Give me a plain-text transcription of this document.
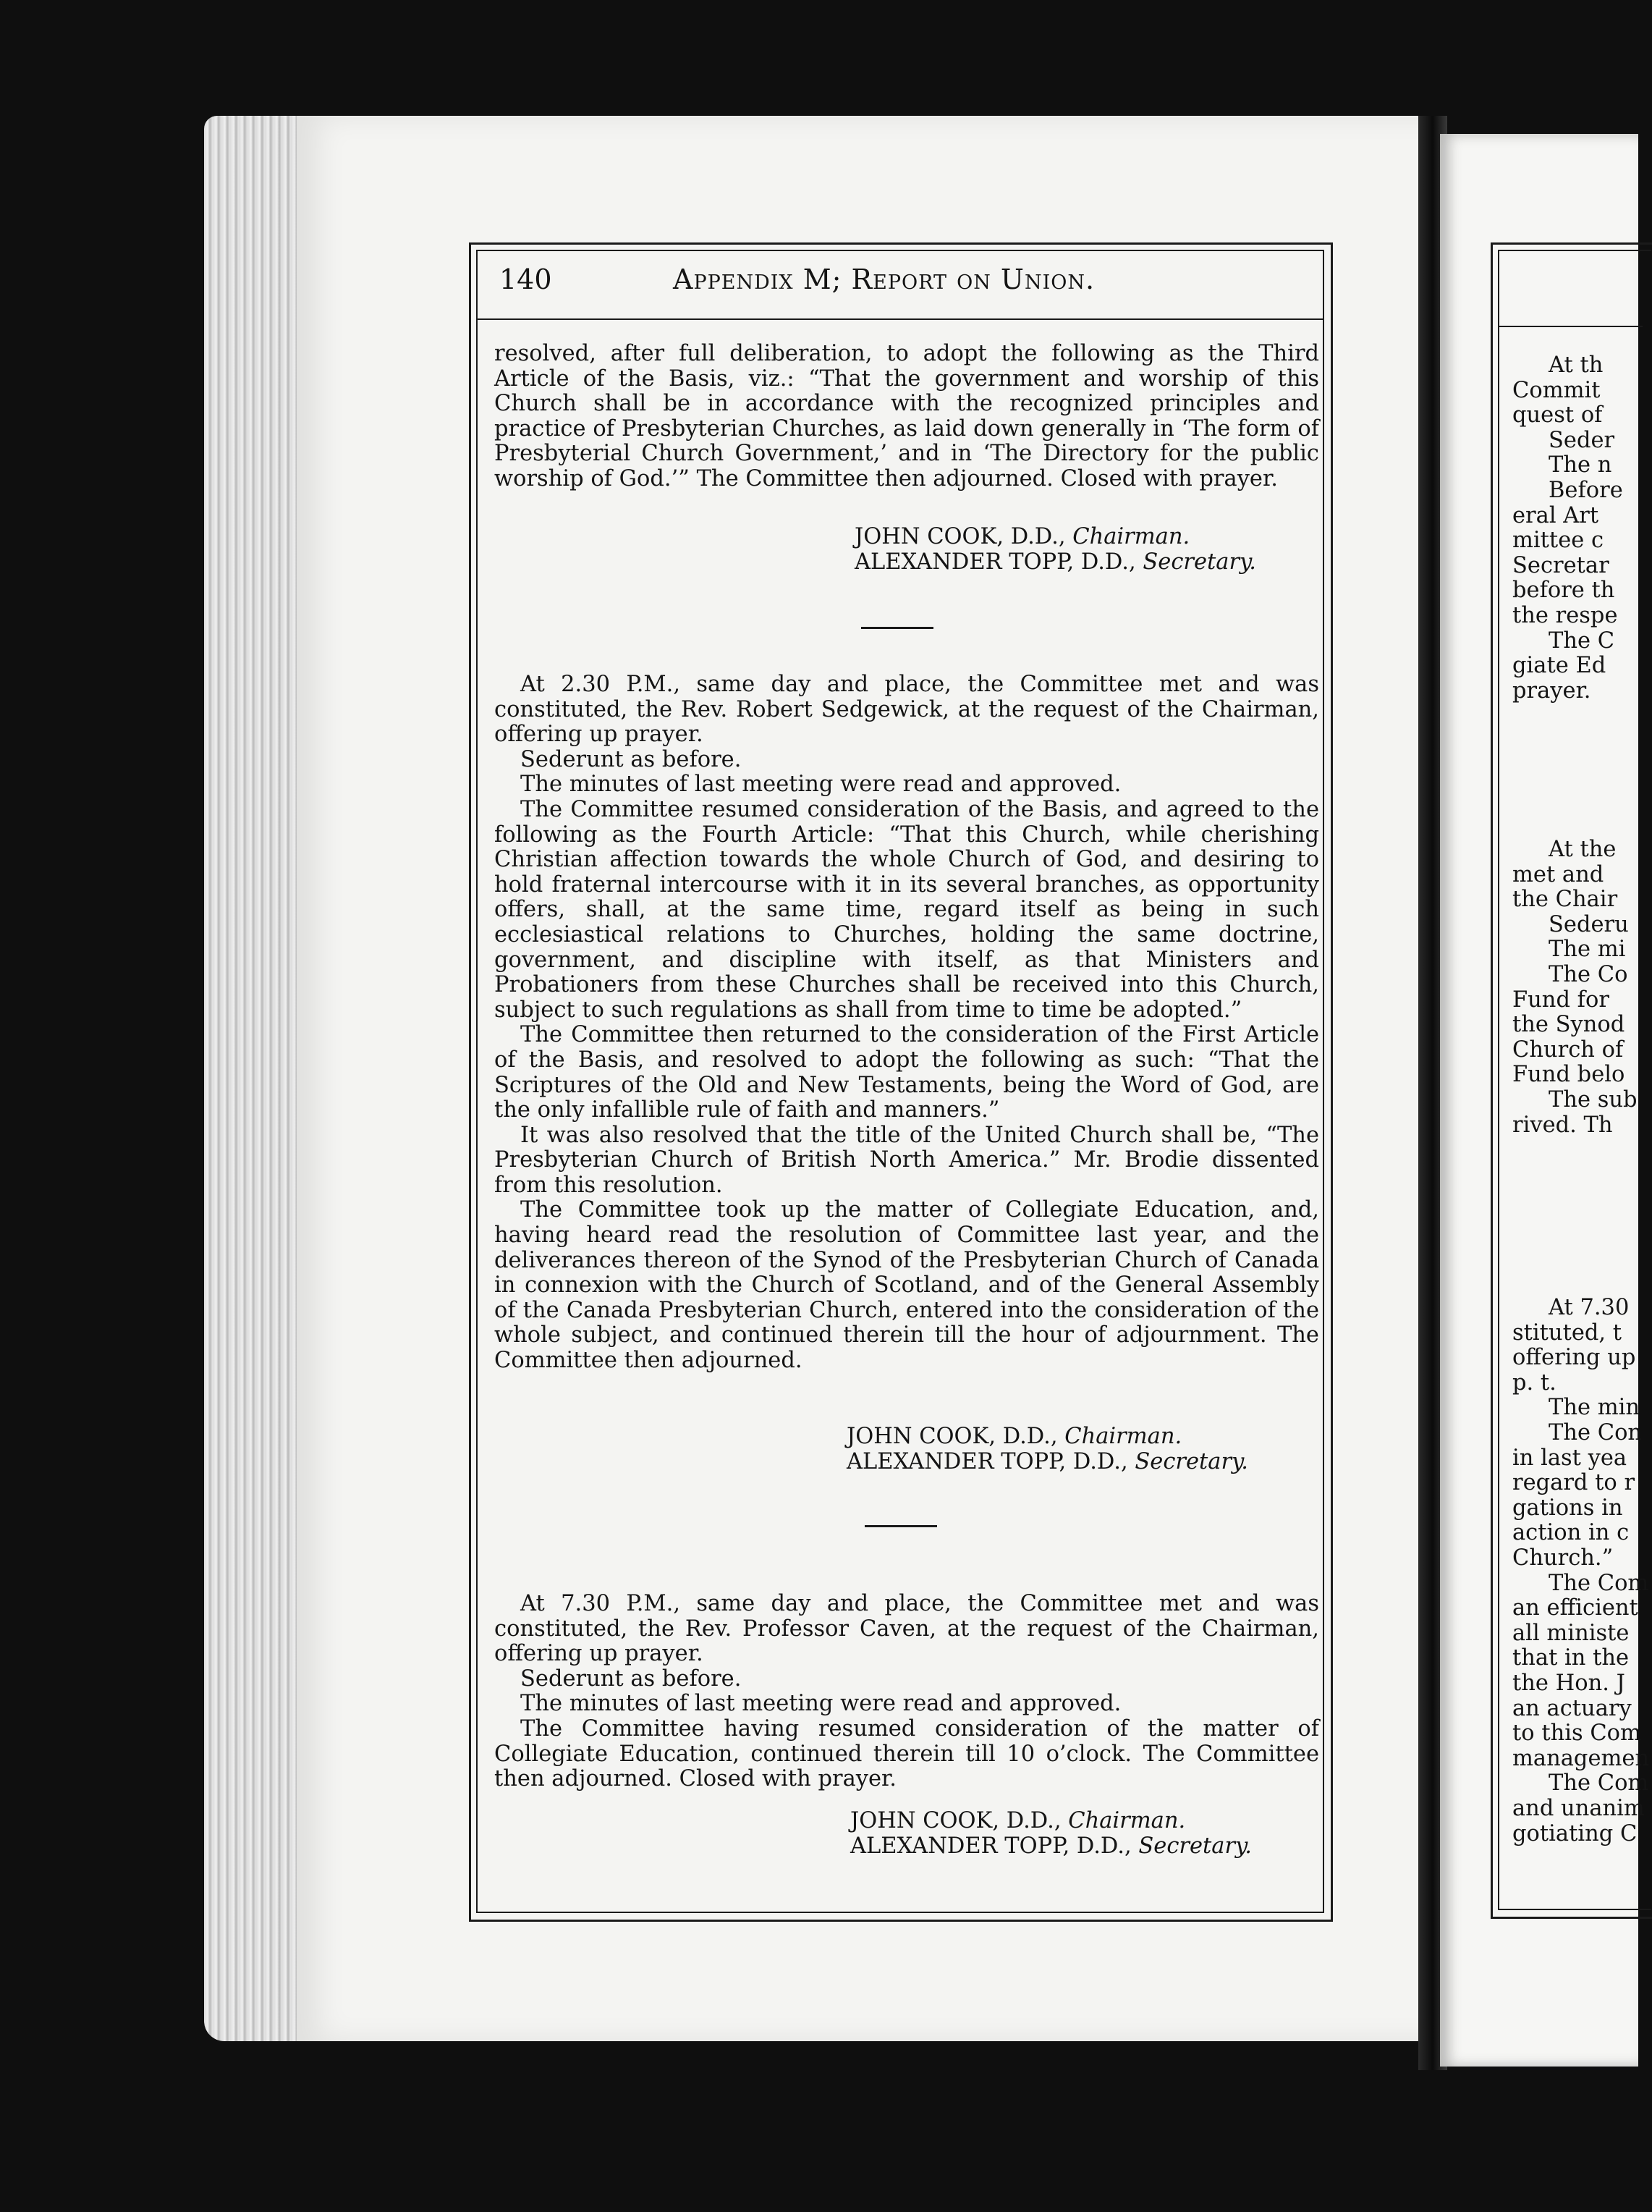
140	Appendix M; Report on Union.

resolved, after full deliberation, to adopt the following as the Third Article of the Basis, viz.: “That the government and worship of this Church shall be in accordance with the recognized principles and practice of Presbyterian Churches, as laid down generally in ‘The form of Presbyterial Church Government,’ and in ‘The Directory for the public worship of God.’” The Committee then adjourned. Closed with prayer.

JOHN COOK, D.D., Chairman.
ALEXANDER TOPP, D.D., Secretary.

At 2.30 P.M., same day and place, the Committee met and was constituted, the Rev. Robert Sedgewick, at the request of the Chairman, offering up prayer.

Sederunt as before.

The minutes of last meeting were read and approved.

The Committee resumed consideration of the Basis, and agreed to the following as the Fourth Article: “That this Church, while cherishing Christian affection towards the whole Church of God, and desiring to hold fraternal intercourse with it in its several branches, as opportunity offers, shall, at the same time, regard itself as being in such ecclesiastical relations to Churches, holding the same doctrine, government, and discipline with itself, as that Ministers and Probationers from these Churches shall be received into this Church, subject to such regulations as shall from time to time be adopted.”

The Committee then returned to the consideration of the First Article of the Basis, and resolved to adopt the following as such: “That the Scriptures of the Old and New Testaments, being the Word of God, are the only infallible rule of faith and manners.”

It was also resolved that the title of the United Church shall be, “The Presbyterian Church of British North America.” Mr. Brodie dissented from this resolution.

The Committee took up the matter of Collegiate Education, and, having heard read the resolution of Committee last year, and the deliverances thereon of the Synod of the Presbyterian Church of Canada in connexion with the Church of Scotland, and of the General Assembly of the Canada Presbyterian Church, entered into the consideration of the whole subject, and continued therein till the hour of adjournment. The Committee then adjourned.

JOHN COOK, D.D., Chairman.
ALEXANDER TOPP, D.D., Secretary.

At 7.30 P.M., same day and place, the Committee met and was constituted, the Rev. Professor Caven, at the request of the Chairman, offering up prayer.

Sederunt as before.

The minutes of last meeting were read and approved.

The Committee having resumed consideration of the matter of Collegiate Education, continued therein till 10 o’clock. The Committee then adjourned. Closed with prayer.

JOHN COOK, D.D., Chairman.
ALEXANDER TOPP, D.D., Secretary.
At th
Commit
quest of
Seder
The n
Before
eral Art
mittee c
Secretar
before th
the respe
The C
giate Ed
prayer.
At the
met and
the Chair
Sederu
The mi
The Co
Fund for
the Synod
Church of
Fund belo
The sub
rived. Th
At 7.30
stituted, t
offering up
p. t.
The min
The Con
in last yea
regard to r
gations in
action in c
Church.”
The Com
an efficient
all ministe
that in the
the Hon. J
an actuary
to this Com
managemen
The Com
and unanim
gotiating C
